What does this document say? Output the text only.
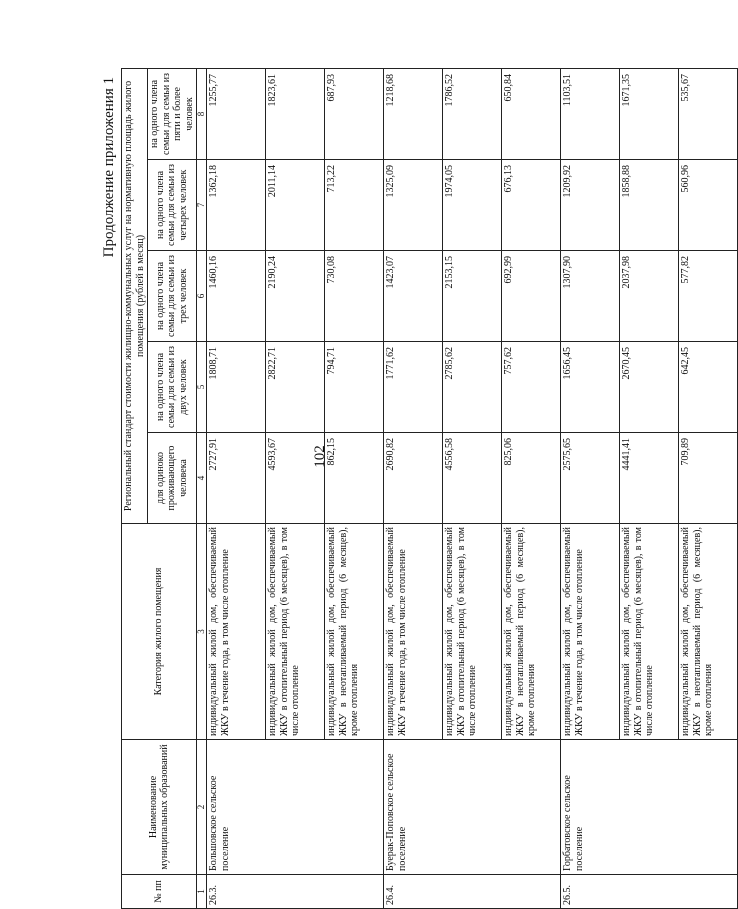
102
Продолжение приложения 1
№ пп	Наименование муниципальных образований	Категория жилого помещения	Региональный стандарт стоимости жилищно-коммунальных услуг на нормативную площадь жилого помещения (рублей в месяц)				
			для одиноко проживающего человека	на одного члена семьи для семьи из двух человек	на одного члена семьи для семьи из трех человек	на одного члена семьи для семьи из четырех человек	на одного члена семьи для семьи из пяти и более человек
1	2	3	4	5	6	7	8
26.3.	Большовское сельское поселение	индивидуальный жилой дом, обеспечиваемый ЖКУ в течение года, в том числе отопление	2727,91	1808,71	1460,16	1362,18	1255,77
		индивидуальный жилой дом, обеспечиваемый ЖКУ в отопительный период (6 месяцев), в том числе отопление	4593,67	2822,71	2190,24	2011,14	1823,61
		индивидуальный жилой дом, обеспечиваемый ЖКУ в неотапливаемый период (6 месяцев), кроме отопления	862,15	794,71	730,08	713,22	687,93
26.4.	Буерак-Поповское сельское поселение	индивидуальный жилой дом, обеспечиваемый ЖКУ в течение года, в том числе отопление	2690,82	1771,62	1423,07	1325,09	1218,68
		индивидуальный жилой дом, обеспечиваемый ЖКУ в отопительный период (6 месяцев), в том числе отопление	4556,58	2785,62	2153,15	1974,05	1786,52
		индивидуальный жилой дом, обеспечиваемый ЖКУ в неотапливаемый период (6 месяцев), кроме отопления	825,06	757,62	692,99	676,13	650,84
26.5.	Горбатовское сельское поселение	индивидуальный жилой дом, обеспечиваемый ЖКУ в течение года, в том числе отопление	2575,65	1656,45	1307,90	1209,92	1103,51
		индивидуальный жилой дом, обеспечиваемый ЖКУ в отопительный период (6 месяцев), в том числе отопление	4441,41	2670,45	2037,98	1858,88	1671,35
		индивидуальный жилой дом, обеспечиваемый ЖКУ в неотапливаемый период (6 месяцев), кроме отопления	709,89	642,45	577,82	560,96	535,67
